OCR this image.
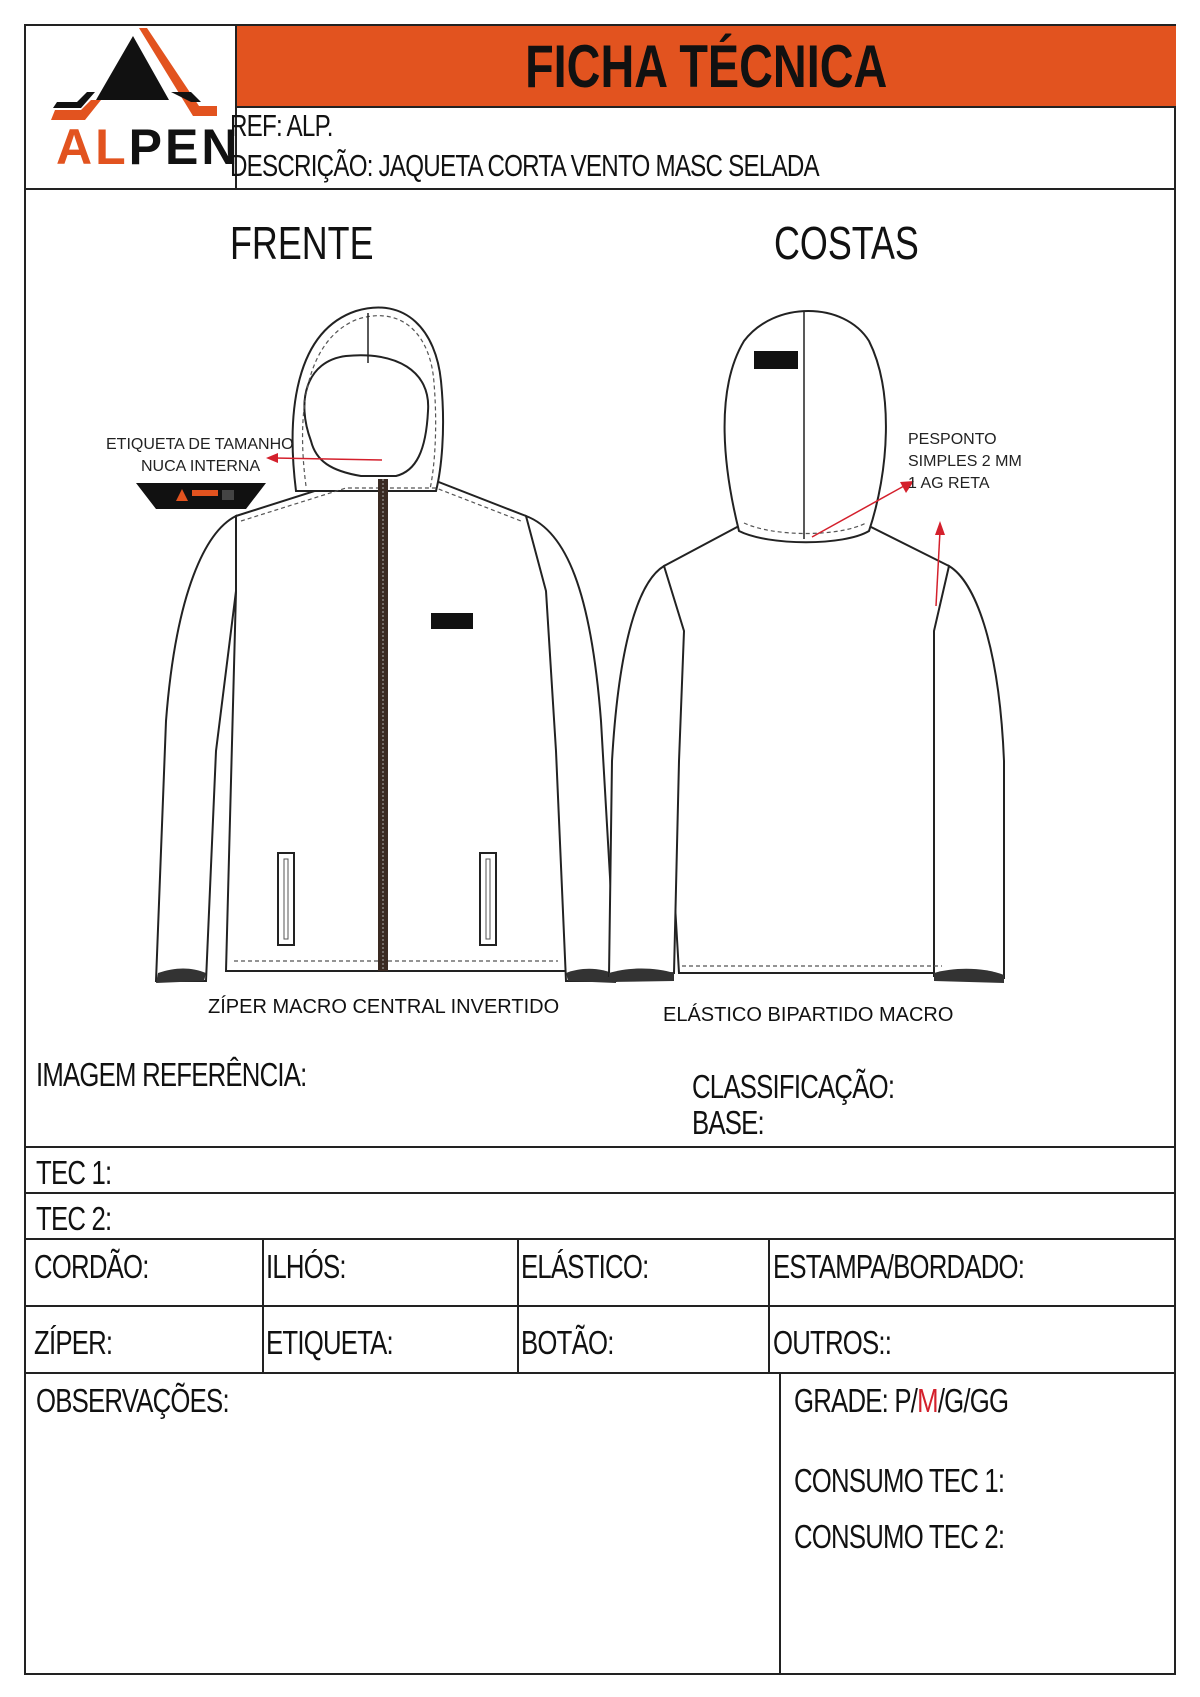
ALPEN
FICHA TÉCNICA
REF: ALP.
DESCRIÇÃO: JAQUETA CORTA VENTO MASC SELADA
FRENTE	COSTAS
ETIQUETA DE TAMANHO
NUCA INTERNA
PESPONTO
SIMPLES 2 MM
1 AG RETA
ZÍPER MACRO CENTRAL INVERTIDO	ELÁSTICO BIPARTIDO MACRO
IMAGEM REFERÊNCIA:	CLASSIFICAÇÃO:
BASE:
TEC 1:
TEC 2:
CORDÃO:	ILHÓS:	ELÁSTICO:	ESTAMPA/BORDADO:
ZÍPER:	ETIQUETA:	BOTÃO:	OUTROS::
OBSERVAÇÕES:	GRADE: P/M/G/GG
CONSUMO TEC 1:
CONSUMO TEC 2:
